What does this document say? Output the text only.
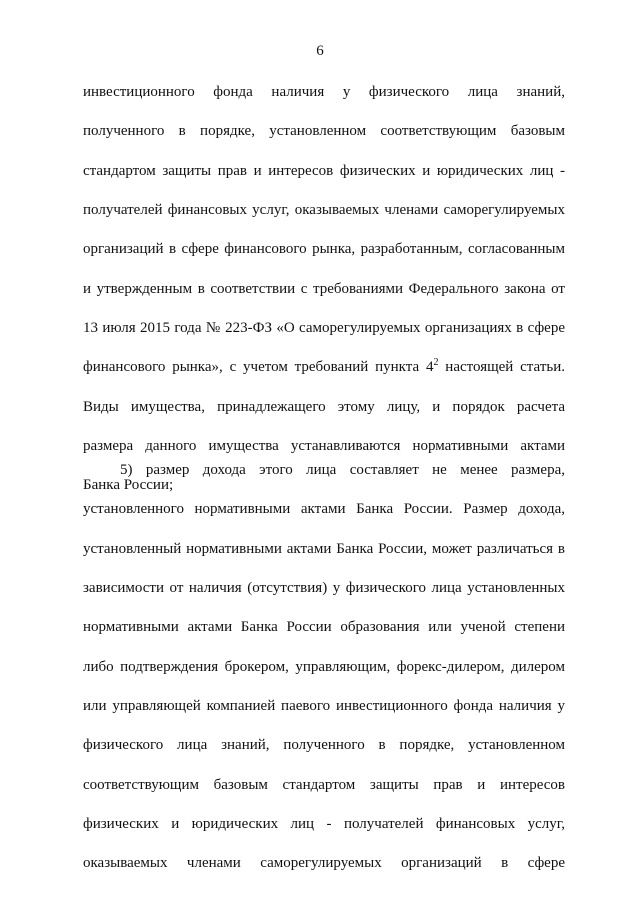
6
инвестиционного фонда наличия у физического лица знаний,
полученного в порядке, установленном соответствующим базовым
стандартом защиты прав и интересов физических и юридических лиц -
получателей финансовых услуг, оказываемых членами саморегулируемых
организаций в сфере финансового рынка, разработанным, согласованным
и утвержденным в соответствии с требованиями Федерального закона от
13 июля 2015 года № 223-ФЗ «О саморегулируемых организациях в сфере
финансового рынка», с учетом требований пункта $4^2$ настоящей статьи.
Виды имущества, принадлежащего этому лицу, и порядок расчета
размера данного имущества устанавливаются нормативными актами
Банка России;
5) размер дохода этого лица составляет не менее размера,
установленного нормативными актами Банка России. Размер дохода,
установленный нормативными актами Банка России, может различаться в
зависимости от наличия (отсутствия) у физического лица установленных
нормативными актами Банка России образования или ученой степени
либо подтверждения брокером, управляющим, форекс-дилером, дилером
или управляющей компанией паевого инвестиционного фонда наличия у
физического лица знаний, полученного в порядке, установленном
соответствующим базовым стандартом защиты прав и интересов
физических и юридических лиц - получателей финансовых услуг,
оказываемых членами саморегулируемых организаций в сфере
